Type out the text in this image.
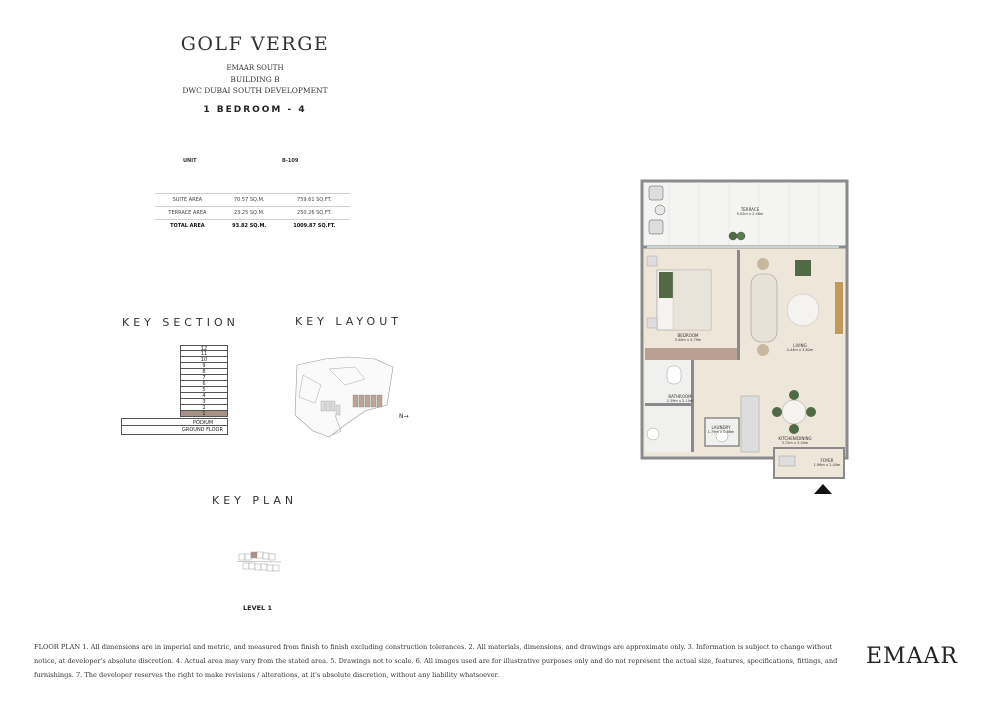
GOLF VERGE
EMAAR SOUTH
BUILDING B
DWC DUBAI SOUTH DEVELOPMENT
1 BEDROOM - 4
UNIT	B-109
SUITE AREA	70.57 SQ.M.	759.61 SQ.FT.
TERRACE AREA	23.25 SQ.M.	250.26 SQ.FT.
TOTAL AREA	93.82 SQ.M.	1009.87 SQ.FT.
KEY SECTION
12
11
10
9
8
7
6
5
4
3
2
1
PODIUM
GROUND FLOOR
KEY LAYOUT
N→
KEY PLAN
LEVEL 1
TERRACE
9.02m x 2.46m
BEDROOM
3.40m x 4.79m
LIVING
4.44m x 3.82m
BATHROOM
2.39m x 2.10m
LAUNDRY
1.79m x 0.86m
KITCHEN/DINING
3.72m x 3.40m
FOYER
1.96m x 2.40m
FLOOR PLAN 1. All dimensions are in imperial and metric, and measured from finish to finish excluding construction tolerances. 2. All materials, dimensions, and drawings are approximate only. 3. Information is subject to change without notice, at developer's absolute discretion. 4. Actual area may vary from the stated area. 5. Drawings not to scale. 6. All images used are for illustrative purposes only and do not represent the actual size, features, specifications, fittings, and furnishings. 7. The developer reserves the right to make revisions / alterations, at it's absolute discretion, without any liability whatsoever.
EMAAR
